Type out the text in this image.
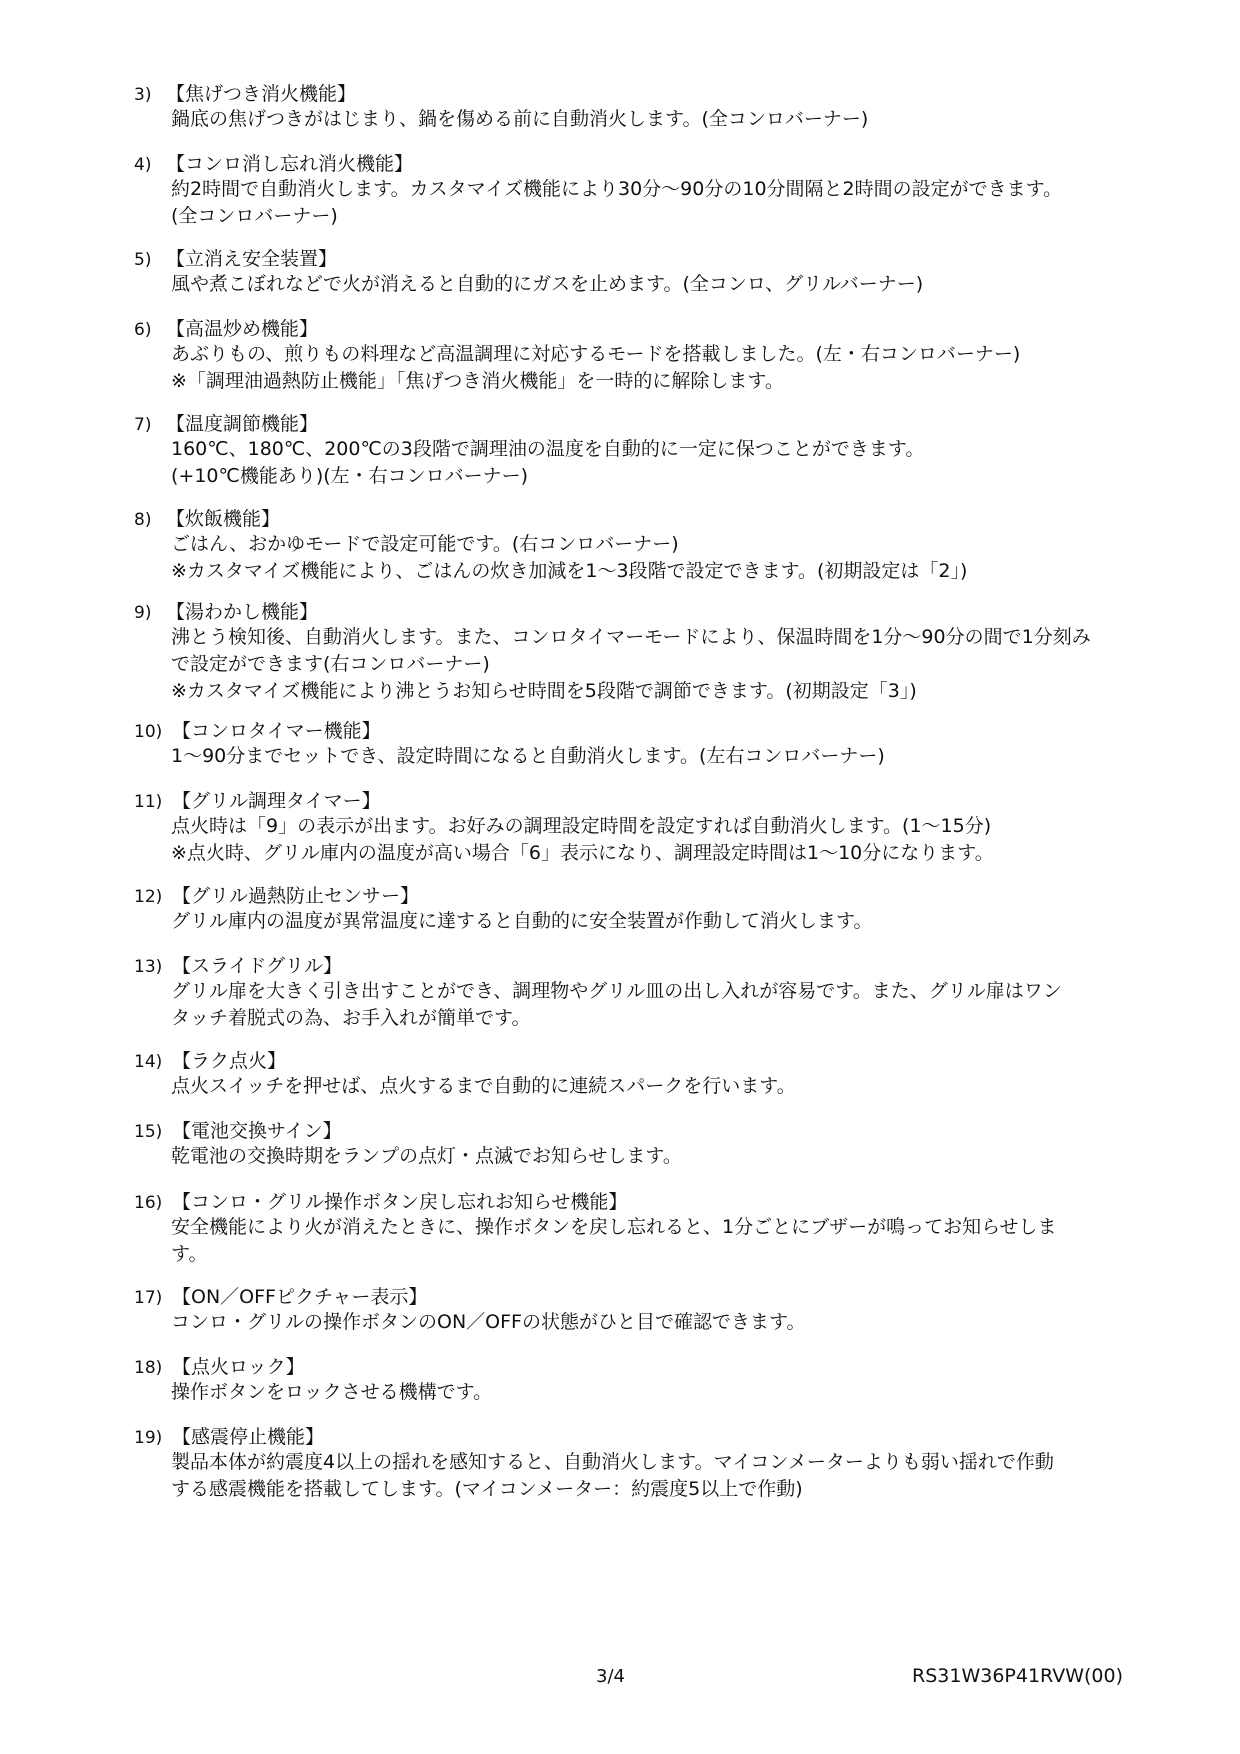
3) 【焦げつき消火機能】
鍋底の焦げつきがはじまり、鍋を傷める前に自動消火します。(全コンロバーナー)
4) 【コンロ消し忘れ消火機能】
約2時間で自動消火します。カスタマイズ機能により30分～90分の10分間隔と2時間の設定ができます。
(全コンロバーナー)
5) 【立消え安全装置】
風や煮こぼれなどで火が消えると自動的にガスを止めます。(全コンロ、グリルバーナー)
6) 【高温炒め機能】
あぶりもの、煎りもの料理など高温調理に対応するモードを搭載しました。(左・右コンロバーナー)
※「調理油過熱防止機能」「焦げつき消火機能」を一時的に解除します。
7) 【温度調節機能】
160℃、180℃、200℃の3段階で調理油の温度を自動的に一定に保つことができます。
(+10℃機能あり)(左・右コンロバーナー)
8) 【炊飯機能】
ごはん、おかゆモードで設定可能です。(右コンロバーナー)
※カスタマイズ機能により、ごはんの炊き加減を1～3段階で設定できます。(初期設定は「2」)
9) 【湯わかし機能】
沸とう検知後、自動消火します。また、コンロタイマーモードにより、保温時間を1分～90分の間で1分刻み
で設定ができます(右コンロバーナー)
※カスタマイズ機能により沸とうお知らせ時間を5段階で調節できます。(初期設定「3」)
10) 【コンロタイマー機能】
1～90分までセットでき、設定時間になると自動消火します。(左右コンロバーナー)
11) 【グリル調理タイマー】
点火時は「9」の表示が出ます。お好みの調理設定時間を設定すれば自動消火します。(1～15分)
※点火時、グリル庫内の温度が高い場合「6」表示になり、調理設定時間は1～10分になります。
12) 【グリル過熱防止センサー】
グリル庫内の温度が異常温度に達すると自動的に安全装置が作動して消火します。
13) 【スライドグリル】
グリル扉を大きく引き出すことができ、調理物やグリル皿の出し入れが容易です。また、グリル扉はワン
タッチ着脱式の為、お手入れが簡単です。
14) 【ラク点火】
点火スイッチを押せば、点火するまで自動的に連続スパークを行います。
15) 【電池交換サイン】
乾電池の交換時期をランプの点灯・点滅でお知らせします。
16) 【コンロ・グリル操作ボタン戻し忘れお知らせ機能】
安全機能により火が消えたときに、操作ボタンを戻し忘れると、1分ごとにブザーが鳴ってお知らせしま
す。
17) 【ON／OFFピクチャー表示】
コンロ・グリルの操作ボタンのON／OFFの状態がひと目で確認できます。
18) 【点火ロック】
操作ボタンをロックさせる機構です。
19) 【感震停止機能】
製品本体が約震度4以上の揺れを感知すると、自動消火します。マイコンメーターよりも弱い揺れで作動
する感震機能を搭載してします。(マイコンメーター：約震度5以上で作動)
3/4	RS31W36P41RVW(00)
